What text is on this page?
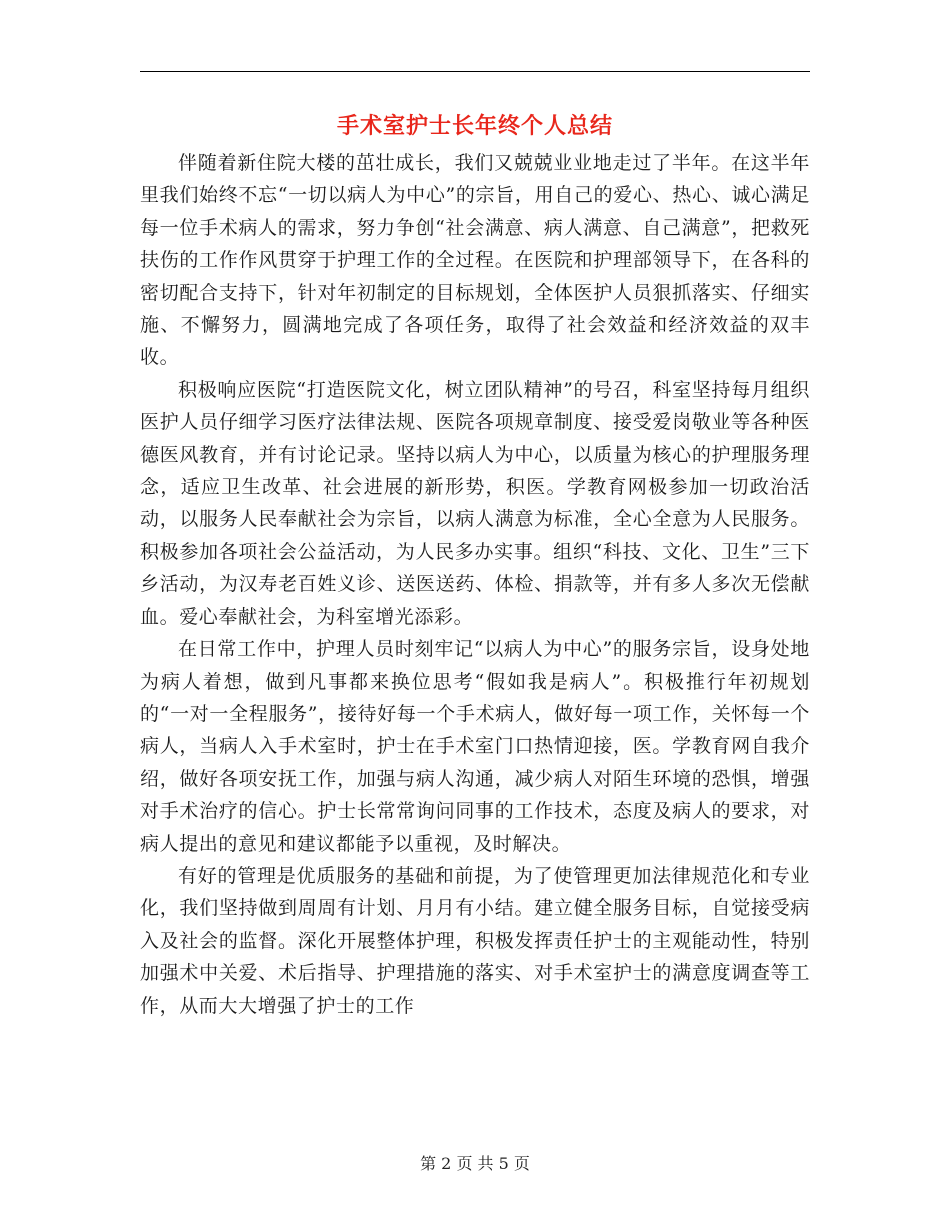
手术室护士长年终个人总结

伴随着新住院大楼的茁壮成长，我们又兢兢业业地走过了半年。在这半年里我们始终不忘“一切以病人为中心”的宗旨，用自己的爱心、热心、诚心满足每一位手术病人的需求，努力争创“社会满意、病人满意、自己满意”，把救死扶伤的工作作风贯穿于护理工作的全过程。在医院和护理部领导下，在各科的密切配合支持下，针对年初制定的目标规划，全体医护人员狠抓落实、仔细实施、不懈努力，圆满地完成了各项任务，取得了社会效益和经济效益的双丰收。

积极响应医院“打造医院文化，树立团队精神”的号召，科室坚持每月组织医护人员仔细学习医疗法律法规、医院各项规章制度、接受爱岗敬业等各种医德医风教育，并有讨论记录。坚持以病人为中心，以质量为核心的护理服务理念，适应卫生改革、社会进展的新形势，积医。学教育网极参加一切政治活动，以服务人民奉献社会为宗旨，以病人满意为标准，全心全意为人民服务。积极参加各项社会公益活动，为人民多办实事。组织“科技、文化、卫生”三下乡活动，为汉寿老百姓义诊、送医送药、体检、捐款等，并有多人多次无偿献血。爱心奉献社会，为科室增光添彩。

在日常工作中，护理人员时刻牢记“以病人为中心”的服务宗旨，设身处地为病人着想，做到凡事都来换位思考“假如我是病人”。积极推行年初规划的“一对一全程服务”，接待好每一个手术病人，做好每一项工作，关怀每一个病人，当病人入手术室时，护士在手术室门口热情迎接，医。学教育网自我介绍，做好各项安抚工作，加强与病人沟通，减少病人对陌生环境的恐惧，增强对手术治疗的信心。护士长常常询问同事的工作技术，态度及病人的要求，对病人提出的意见和建议都能予以重视，及时解决。

有好的管理是优质服务的基础和前提，为了使管理更加法律规范化和专业化，我们坚持做到周周有计划、月月有小结。建立健全服务目标，自觉接受病入及社会的监督。深化开展整体护理，积极发挥责任护士的主观能动性，特别加强术中关爱、术后指导、护理措施的落实、对手术室护士的满意度调查等工作，从而大大增强了护士的工作

第 2 页 共 5 页
